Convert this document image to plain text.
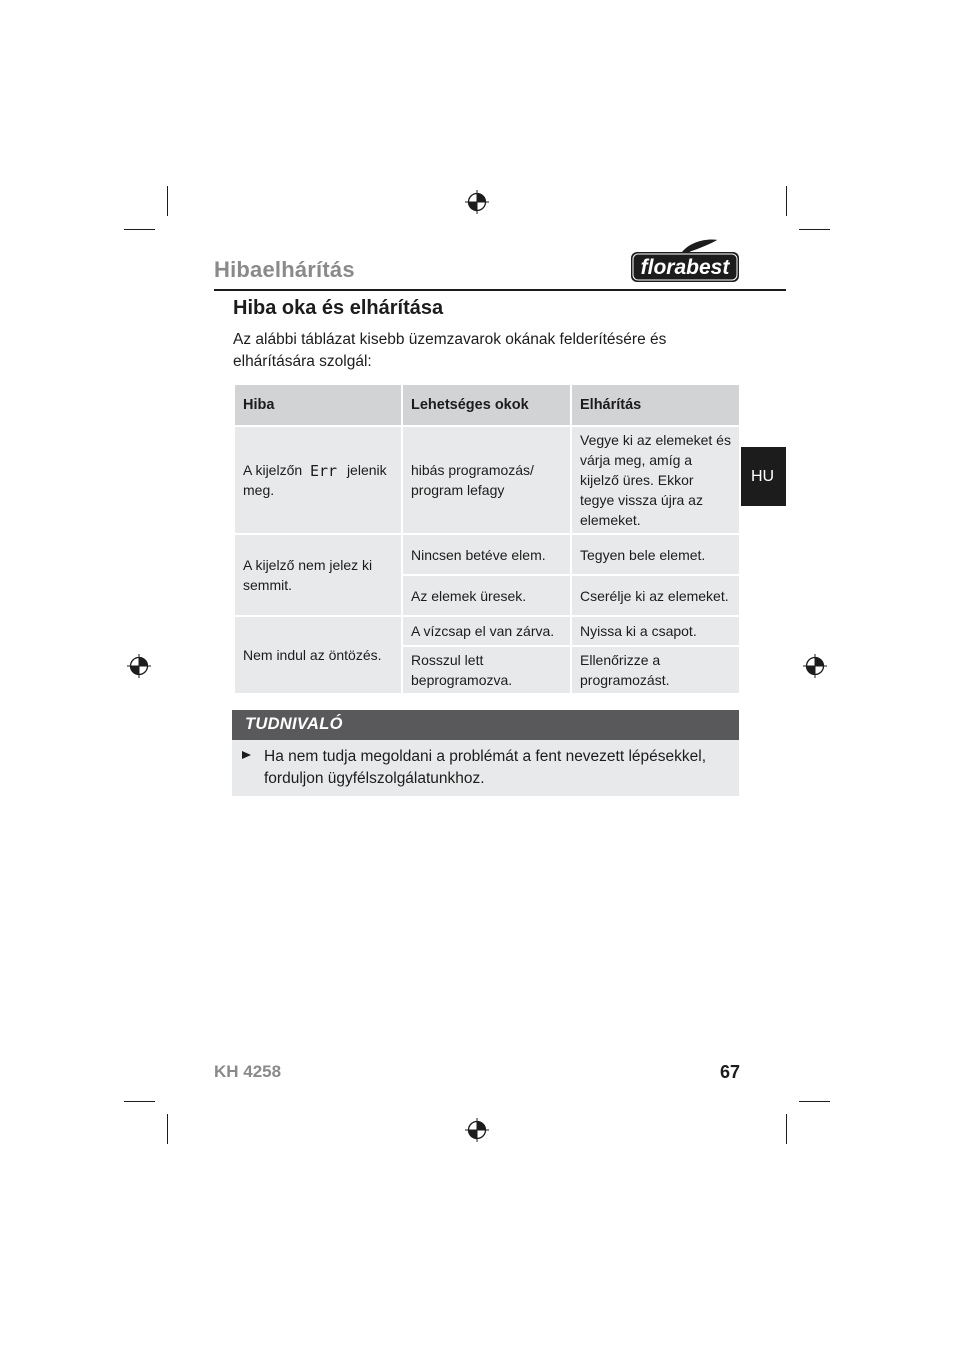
Hibaelhárítás	florabest
Hiba oka és elhárítása
Az alábbi táblázat kisebb üzemzavarok okának felderítésére és elhárítására szolgál:
HU
Hiba	Lehetséges okok	Elhárítás
A kijelzőn Err jelenik meg.	hibás programozás/ program lefagy	Vegye ki az elemeket és várja meg, amíg a kijelző üres. Ekkor tegye vissza újra az elemeket.
A kijelző nem jelez ki semmit.	Nincsen betéve elem.	Tegyen bele elemet.
	Az elemek üresek.	Cserélje ki az elemeket.
Nem indul az öntözés.	A vízcsap el van zárva.	Nyissa ki a csapot.
	Rosszul lett beprogramozva.	Ellenőrizze a programozást.
TUDNIVALÓ
Ha nem tudja megoldani a problémát a fent nevezett lépésekkel, forduljon ügyfélszolgálatunkhoz.
KH 4258	67
